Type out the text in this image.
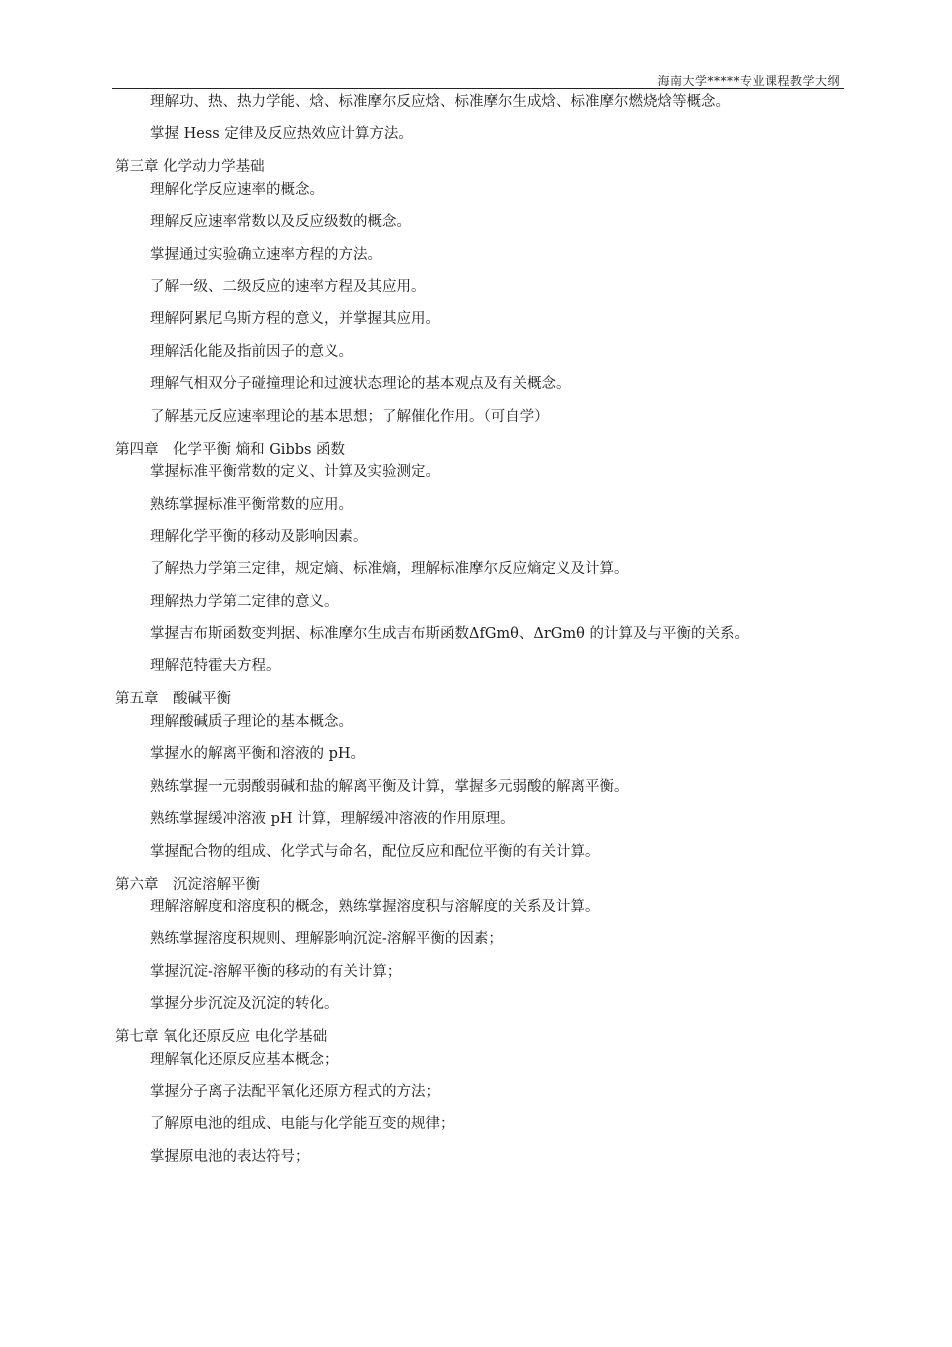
海南大学*****专业课程教学大纲

理解功、热、热力学能、焓、标准摩尔反应焓、标准摩尔生成焓、标准摩尔燃烧焓等概念。

掌握 Hess 定律及反应热效应计算方法。

第三章 化学动力学基础

理解化学反应速率的概念。

理解反应速率常数以及反应级数的概念。

掌握通过实验确立速率方程的方法。

了解一级、二级反应的速率方程及其应用。

理解阿累尼乌斯方程的意义，并掌握其应用。

理解活化能及指前因子的意义。

理解气相双分子碰撞理论和过渡状态理论的基本观点及有关概念。

了解基元反应速率理论的基本思想；了解催化作用。（可自学）

第四章　化学平衡 熵和 Gibbs 函数

掌握标准平衡常数的定义、计算及实验测定。

熟练掌握标准平衡常数的应用。

理解化学平衡的移动及影响因素。

了解热力学第三定律，规定熵、标准熵，理解标准摩尔反应熵定义及计算。

理解热力学第二定律的意义。

掌握吉布斯函数变判据、标准摩尔生成吉布斯函数ΔfGmθ、ΔrGmθ 的计算及与平衡的关系。

理解范特霍夫方程。

第五章　酸碱平衡

理解酸碱质子理论的基本概念。

掌握水的解离平衡和溶液的 pH。

熟练掌握一元弱酸弱碱和盐的解离平衡及计算，掌握多元弱酸的解离平衡。

熟练掌握缓冲溶液 pH 计算，理解缓冲溶液的作用原理。

掌握配合物的组成、化学式与命名，配位反应和配位平衡的有关计算。

第六章　沉淀溶解平衡

理解溶解度和溶度积的概念，熟练掌握溶度积与溶解度的关系及计算。

熟练掌握溶度积规则、理解影响沉淀-溶解平衡的因素；

掌握沉淀-溶解平衡的移动的有关计算；

掌握分步沉淀及沉淀的转化。

第七章 氧化还原反应 电化学基础

理解氧化还原反应基本概念；

掌握分子离子法配平氧化还原方程式的方法；

了解原电池的组成、电能与化学能互变的规律；

掌握原电池的表达符号；
